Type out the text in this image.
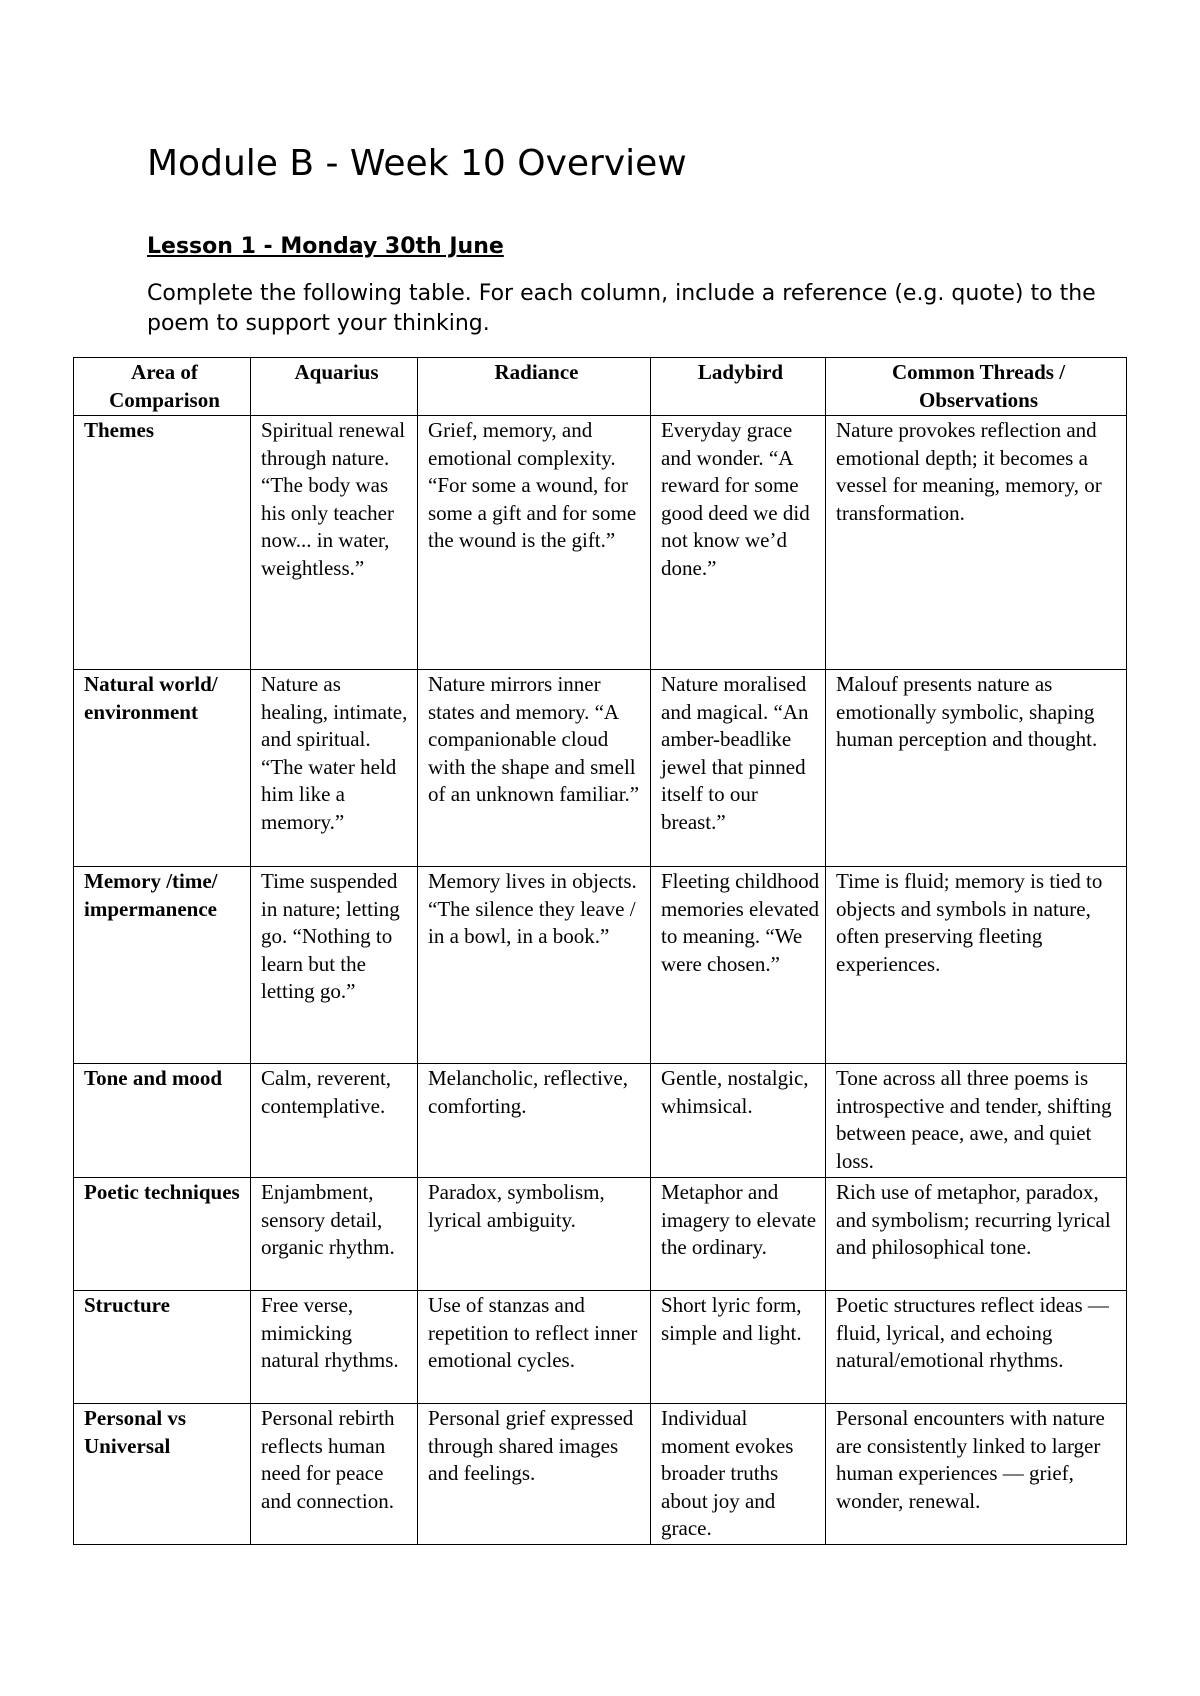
Module B - Week 10 Overview
Lesson 1 - Monday 30th June

Complete the following table. For each column, include a reference (e.g. quote) to the poem to support your thinking.

Area of Comparison	Aquarius	Radiance	Ladybird	Common Threads / Observations
Themes	Spiritual renewal through nature. “The body was his only teacher now... in water, weightless.”	Grief, memory, and emotional complexity. “For some a wound, for some a gift and for some the wound is the gift.”	Everyday grace and wonder. “A reward for some good deed we did not know we’d done.”	Nature provokes reflection and emotional depth; it becomes a vessel for meaning, memory, or transformation.
Natural world/ environment	Nature as healing, intimate, and spiritual. “The water held him like a memory.”	Nature mirrors inner states and memory. “A companionable cloud with the shape and smell of an unknown familiar.”	Nature moralised and magical. “An amber-beadlike jewel that pinned itself to our breast.”	Malouf presents nature as emotionally symbolic, shaping human perception and thought.
Memory /time/ impermanence	Time suspended in nature; letting go. “Nothing to learn but the letting go.”	Memory lives in objects. “The silence they leave / in a bowl, in a book.”	Fleeting childhood memories elevated to meaning. “We were chosen.”	Time is fluid; memory is tied to objects and symbols in nature, often preserving fleeting experiences.
Tone and mood	Calm, reverent, contemplative.	Melancholic, reflective, comforting.	Gentle, nostalgic, whimsical.	Tone across all three poems is introspective and tender, shifting between peace, awe, and quiet loss.
Poetic techniques	Enjambment, sensory detail, organic rhythm.	Paradox, symbolism, lyrical ambiguity.	Metaphor and imagery to elevate the ordinary.	Rich use of metaphor, paradox, and symbolism; recurring lyrical and philosophical tone.
Structure	Free verse, mimicking natural rhythms.	Use of stanzas and repetition to reflect inner emotional cycles.	Short lyric form, simple and light.	Poetic structures reflect ideas — fluid, lyrical, and echoing natural/emotional rhythms.
Personal vs Universal	Personal rebirth reflects human need for peace and connection.	Personal grief expressed through shared images and feelings.	Individual moment evokes broader truths about joy and grace.	Personal encounters with nature are consistently linked to larger human experiences — grief, wonder, renewal.
